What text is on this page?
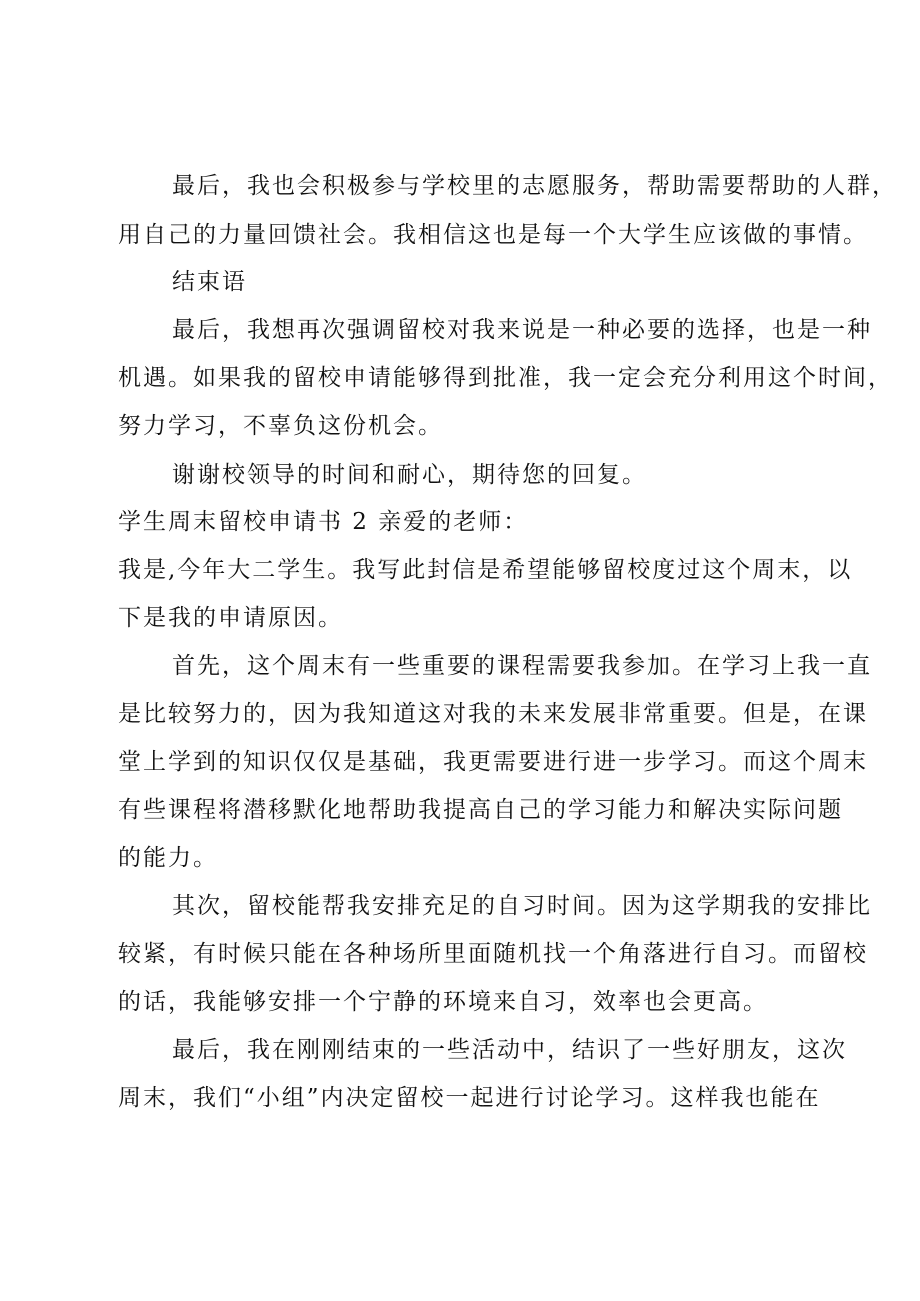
最后，我也会积极参与学校里的志愿服务，帮助需要帮助的人群，

用自己的力量回馈社会。我相信这也是每一个大学生应该做的事情。

结束语

最后，我想再次强调留校对我来说是一种必要的选择，也是一种

机遇。如果我的留校申请能够得到批准，我一定会充分利用这个时间，

努力学习，不辜负这份机会。

谢谢校领导的时间和耐心，期待您的回复。

学生周末留校申请书 2 亲爱的老师：

我是,今年大二学生。我写此封信是希望能够留校度过这个周末，以

下是我的申请原因。

首先，这个周末有一些重要的课程需要我参加。在学习上我一直

是比较努力的，因为我知道这对我的未来发展非常重要。但是，在课

堂上学到的知识仅仅是基础，我更需要进行进一步学习。而这个周末

有些课程将潜移默化地帮助我提高自己的学习能力和解决实际问题

的能力。

其次，留校能帮我安排充足的自习时间。因为这学期我的安排比

较紧，有时候只能在各种场所里面随机找一个角落进行自习。而留校

的话，我能够安排一个宁静的环境来自习，效率也会更高。

最后，我在刚刚结束的一些活动中，结识了一些好朋友，这次

周末，我们“小组”内决定留校一起进行讨论学习。这样我也能在
